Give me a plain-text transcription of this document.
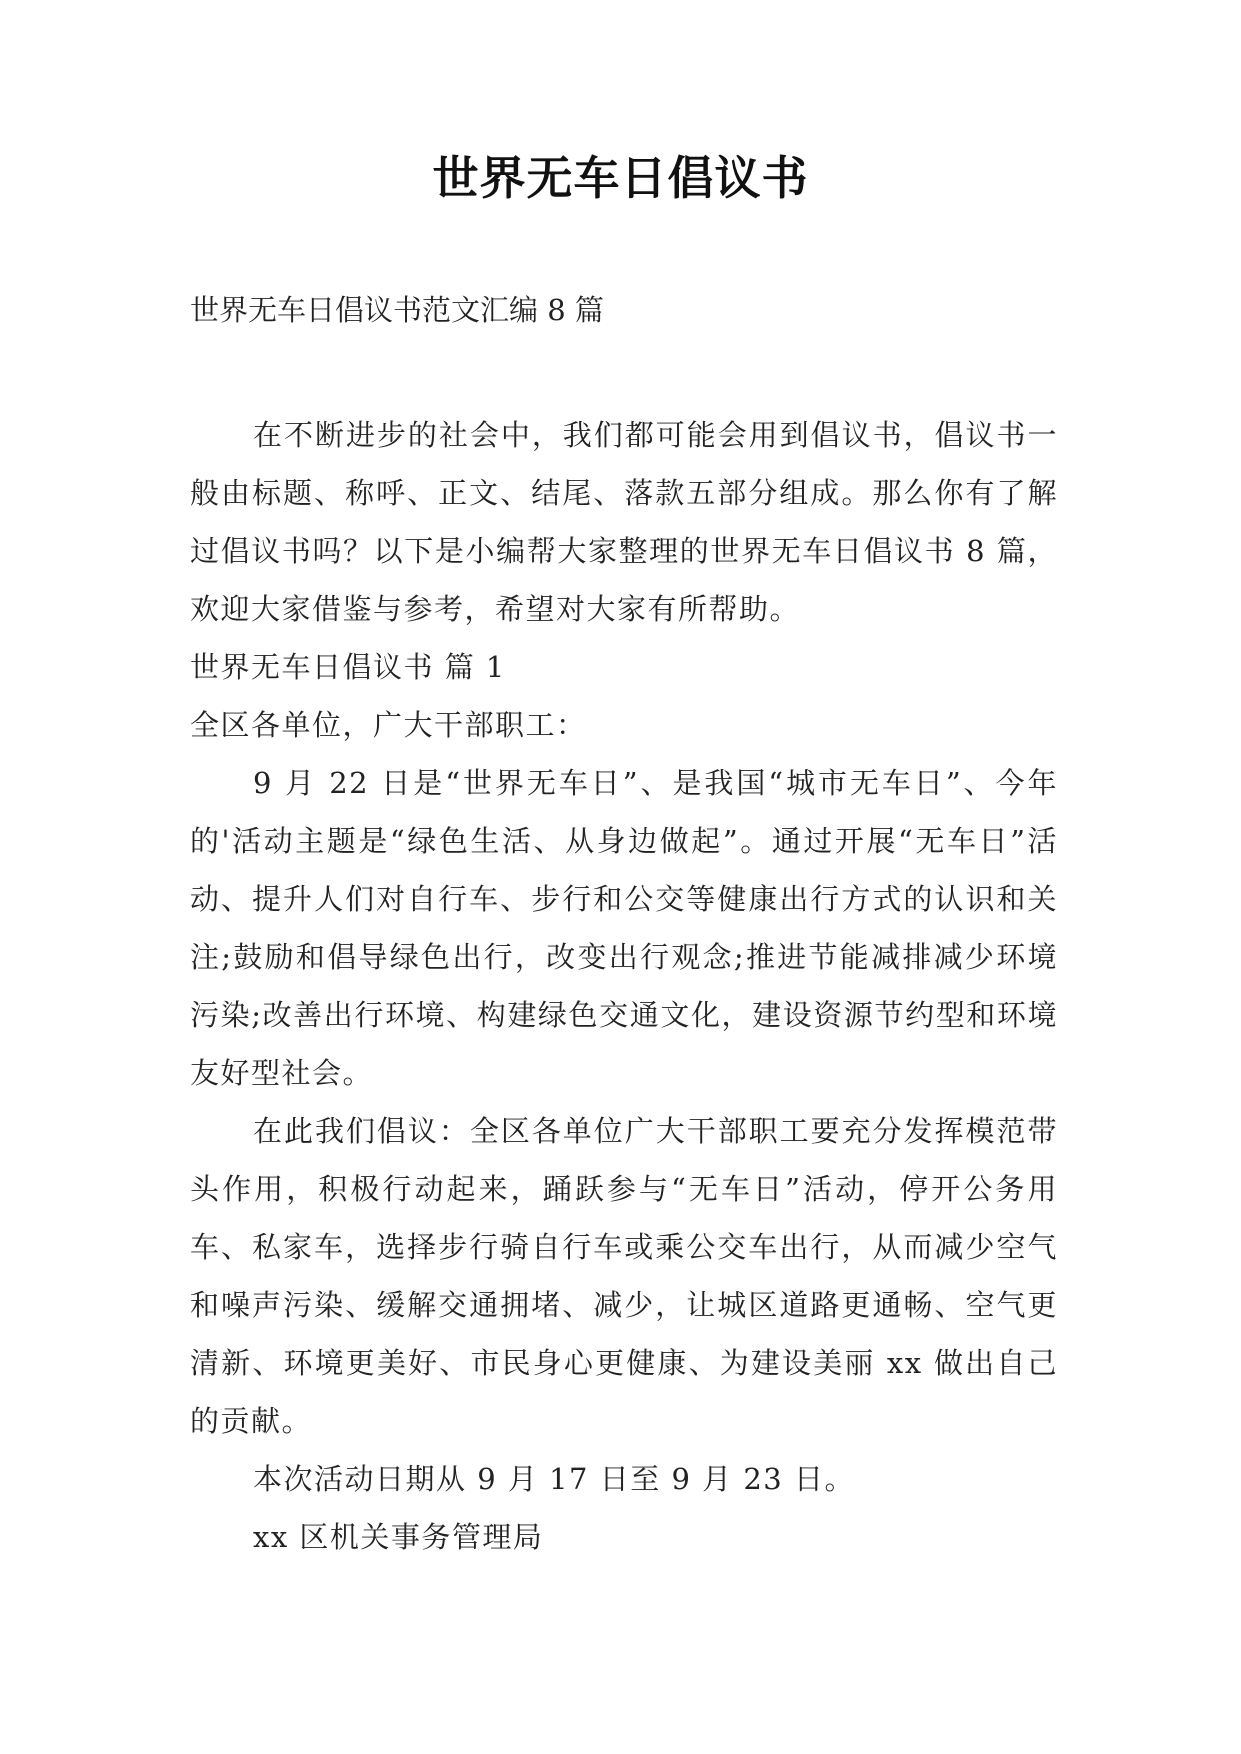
世界无车日倡议书

世界无车日倡议书范文汇编 8 篇

在不断进步的社会中，我们都可能会用到倡议书，倡议书一般由标题、称呼、正文、结尾、落款五部分组成。那么你有了解过倡议书吗？以下是小编帮大家整理的世界无车日倡议书 8 篇，欢迎大家借鉴与参考，希望对大家有所帮助。

世界无车日倡议书 篇 1

全区各单位，广大干部职工：

9 月 22 日是“世界无车日”、是我国“城市无车日”、今年的'活动主题是“绿色生活、从身边做起”。通过开展“无车日”活动、提升人们对自行车、步行和公交等健康出行方式的认识和关注;鼓励和倡导绿色出行，改变出行观念;推进节能减排减少环境污染;改善出行环境、构建绿色交通文化，建设资源节约型和环境友好型社会。

在此我们倡议：全区各单位广大干部职工要充分发挥模范带头作用，积极行动起来，踊跃参与“无车日”活动，停开公务用车、私家车，选择步行骑自行车或乘公交车出行，从而减少空气和噪声污染、缓解交通拥堵、减少，让城区道路更通畅、空气更清新、环境更美好、市民身心更健康、为建设美丽 xx 做出自己的贡献。

本次活动日期从 9 月 17 日至 9 月 23 日。

xx 区机关事务管理局
